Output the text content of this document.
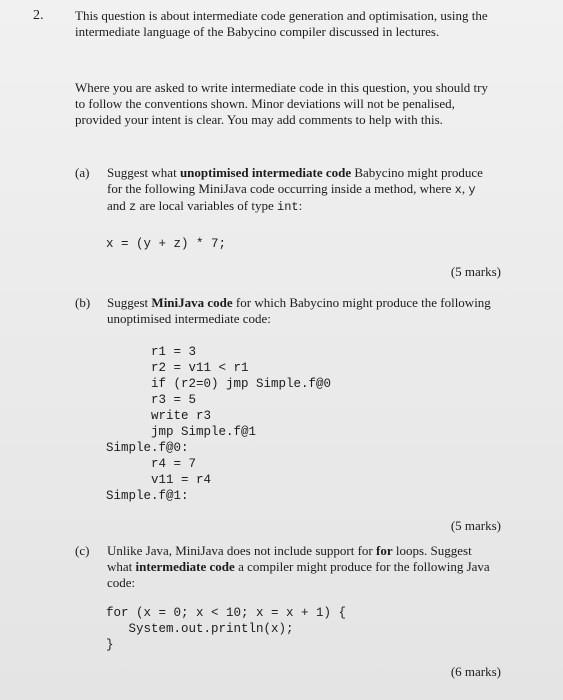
2. This question is about intermediate code generation and optimisation, using the intermediate language of the Babycino compiler discussed in lectures.

Where you are asked to write intermediate code in this question, you should try to follow the conventions shown. Minor deviations will not be penalised, provided your intent is clear. You may add comments to help with this.

(a) Suggest what unoptimised intermediate code Babycino might produce for the following MiniJava code occurring inside a method, where x, y and z are local variables of type int:

x = (y + z) * 7;
(5 marks)
(b) Suggest MiniJava code for which Babycino might produce the following unoptimised intermediate code:

r1 = 3
r2 = v11 < r1
if (r2=0) jmp Simple.f@0
r3 = 5
write r3
jmp Simple.f@1
Simple.f@0:
r4 = 7
v11 = r4
Simple.f@1:
(5 marks)
(c) Unlike Java, MiniJava does not include support for for loops. Suggest what intermediate code a compiler might produce for the following Java code:

for (x = 0; x < 10; x = x + 1) {
System.out.println(x);
}
(6 marks)
